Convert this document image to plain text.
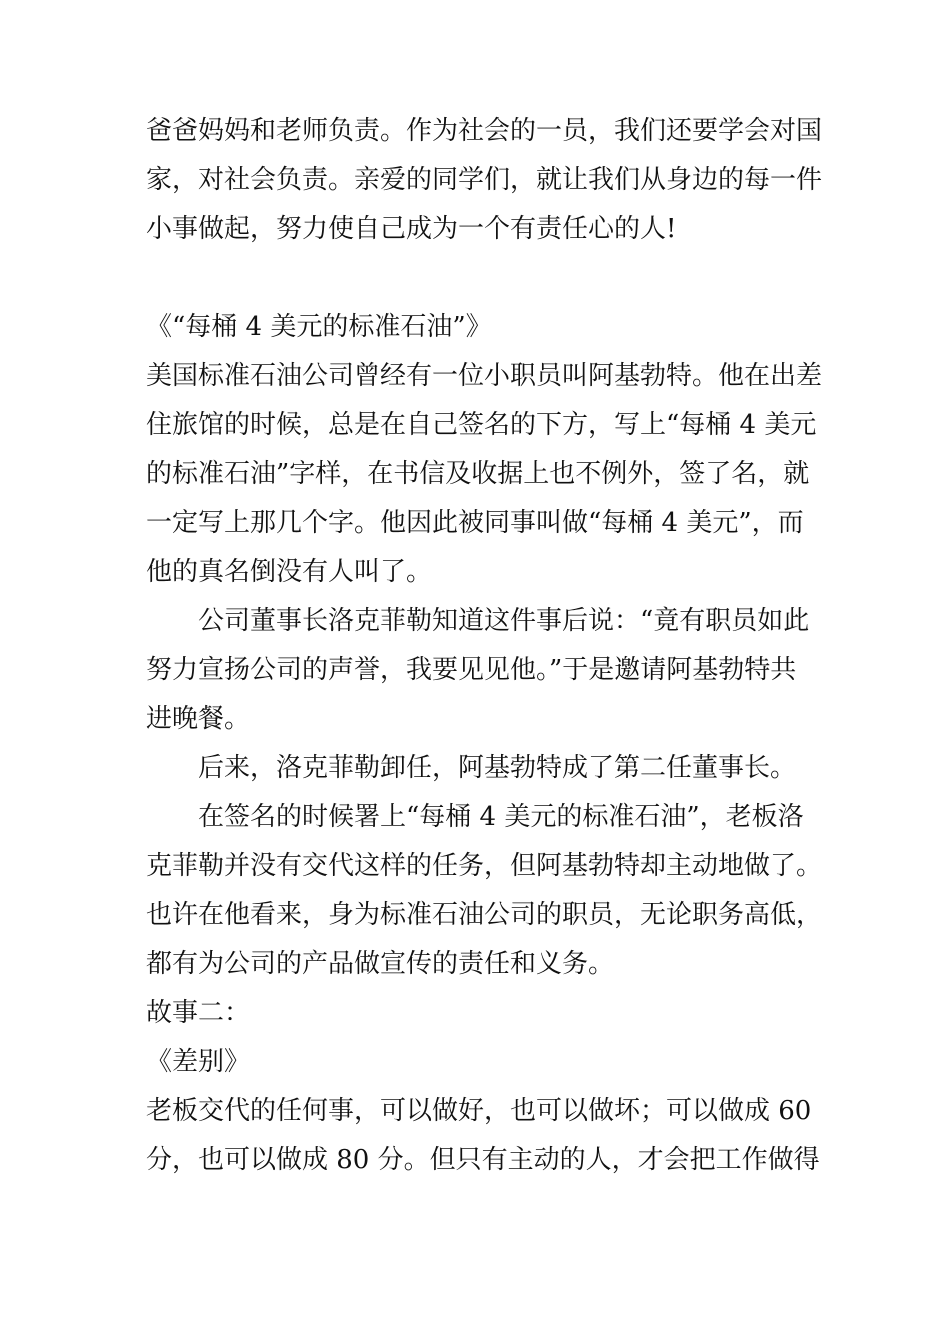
爸爸妈妈和老师负责。作为社会的一员，我们还要学会对国
家，对社会负责。亲爱的同学们，就让我们从身边的每一件
小事做起，努力使自己成为一个有责任心的人!
《“每桶 4 美元的标准石油”》
美国标准石油公司曾经有一位小职员叫阿基勃特。他在出差
住旅馆的时候，总是在自己签名的下方，写上“每桶 4 美元
的标准石油”字样，在书信及收据上也不例外，签了名，就
一定写上那几个字。他因此被同事叫做“每桶 4 美元”，而
他的真名倒没有人叫了。
公司董事长洛克菲勒知道这件事后说：“竟有职员如此
努力宣扬公司的声誉，我要见见他。”于是邀请阿基勃特共
进晚餐。
后来，洛克菲勒卸任，阿基勃特成了第二任董事长。
在签名的时候署上“每桶 4 美元的标准石油”，老板洛
克菲勒并没有交代这样的任务，但阿基勃特却主动地做了。
也许在他看来，身为标准石油公司的职员，无论职务高低，
都有为公司的产品做宣传的责任和义务。
故事二：
《差别》
老板交代的任何事，可以做好，也可以做坏；可以做成 60
分，也可以做成 80 分。但只有主动的人，才会把工作做得
